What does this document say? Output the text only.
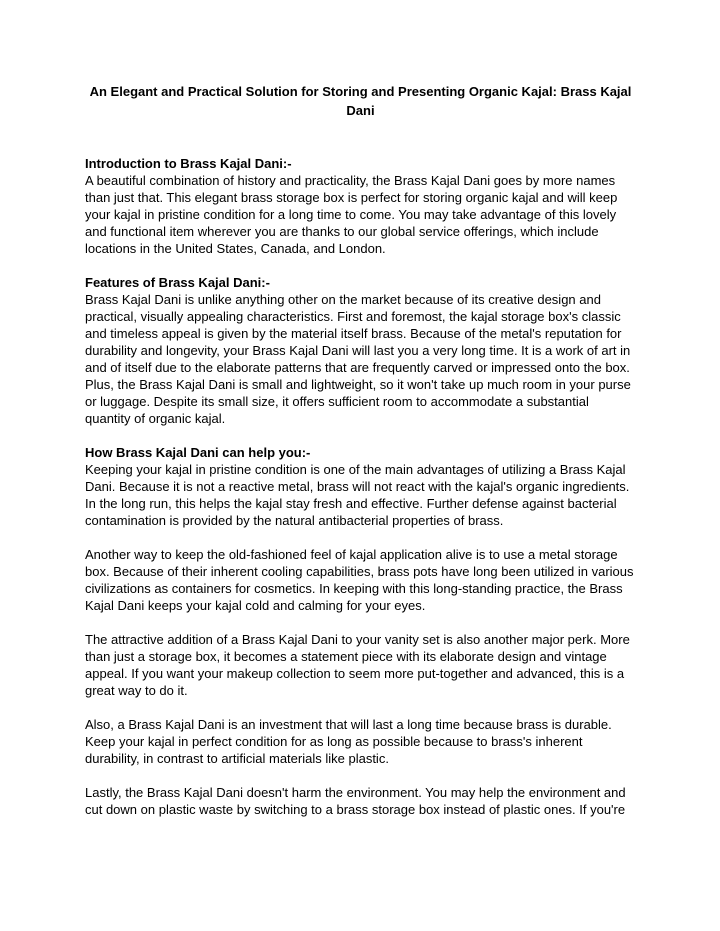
An Elegant and Practical Solution for Storing and Presenting Organic Kajal: Brass Kajal Dani

Introduction to Brass Kajal Dani:-

A beautiful combination of history and practicality, the Brass Kajal Dani goes by more names than just that. This elegant brass storage box is perfect for storing organic kajal and will keep your kajal in pristine condition for a long time to come. You may take advantage of this lovely and functional item wherever you are thanks to our global service offerings, which include locations in the United States, Canada, and London.

Features of Brass Kajal Dani:-

Brass Kajal Dani is unlike anything other on the market because of its creative design and practical, visually appealing characteristics. First and foremost, the kajal storage box's classic and timeless appeal is given by the material itself brass. Because of the metal's reputation for durability and longevity, your Brass Kajal Dani will last you a very long time. It is a work of art in and of itself due to the elaborate patterns that are frequently carved or impressed onto the box. Plus, the Brass Kajal Dani is small and lightweight, so it won't take up much room in your purse or luggage. Despite its small size, it offers sufficient room to accommodate a substantial quantity of organic kajal.

How Brass Kajal Dani can help you:-

Keeping your kajal in pristine condition is one of the main advantages of utilizing a Brass Kajal Dani. Because it is not a reactive metal, brass will not react with the kajal's organic ingredients. In the long run, this helps the kajal stay fresh and effective. Further defense against bacterial contamination is provided by the natural antibacterial properties of brass.

Another way to keep the old-fashioned feel of kajal application alive is to use a metal storage box. Because of their inherent cooling capabilities, brass pots have long been utilized in various civilizations as containers for cosmetics. In keeping with this long-standing practice, the Brass Kajal Dani keeps your kajal cold and calming for your eyes.

The attractive addition of a Brass Kajal Dani to your vanity set is also another major perk. More than just a storage box, it becomes a statement piece with its elaborate design and vintage appeal. If you want your makeup collection to seem more put-together and advanced, this is a great way to do it.

Also, a Brass Kajal Dani is an investment that will last a long time because brass is durable. Keep your kajal in perfect condition for as long as possible because to brass's inherent durability, in contrast to artificial materials like plastic.

Lastly, the Brass Kajal Dani doesn't harm the environment. You may help the environment and cut down on plastic waste by switching to a brass storage box instead of plastic ones. If you're
